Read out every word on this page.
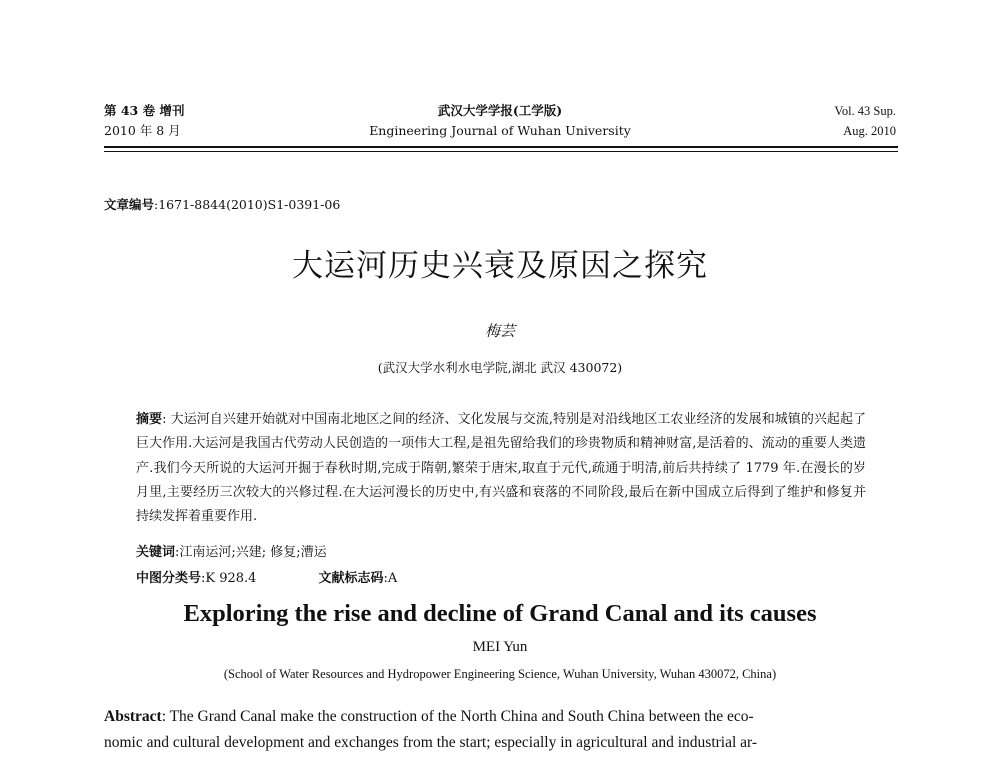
第 43 卷 增刊
2010 年 8 月
武汉大学学报(工学版)
Engineering Journal of Wuhan University
Vol. 43 Sup.
Aug. 2010
文章编号:1671-8844(2010)S1-0391-06
大运河历史兴衰及原因之探究
梅芸
(武汉大学水利水电学院,湖北 武汉 430072)
摘要: 大运河自兴建开始就对中国南北地区之间的经济、文化发展与交流,特别是对沿线地区工农业经济的发展和城镇的兴起起了巨大作用.大运河是我国古代劳动人民创造的一项伟大工程,是祖先留给我们的珍贵物质和精神财富,是活着的、流动的重要人类遗产.我们今天所说的大运河开掘于春秋时期,完成于隋朝,繁荣于唐宋,取直于元代,疏通于明清,前后共持续了 1779 年.在漫长的岁月里,主要经历三次较大的兴修过程.在大运河漫长的历史中,有兴盛和衰落的不同阶段,最后在新中国成立后得到了维护和修复并持续发挥着重要作用.
关键词:江南运河;兴建; 修复;漕运
中图分类号:K 928.4	文献标志码:A
Exploring the rise and decline of Grand Canal and its causes
MEI Yun
(School of Water Resources and Hydropower Engineering Science, Wuhan University, Wuhan 430072, China)
Abstract: The Grand Canal make the construction of the North China and South China between the eco-
nomic and cultural development and exchanges from the start; especially in agricultural and industrial ar-
